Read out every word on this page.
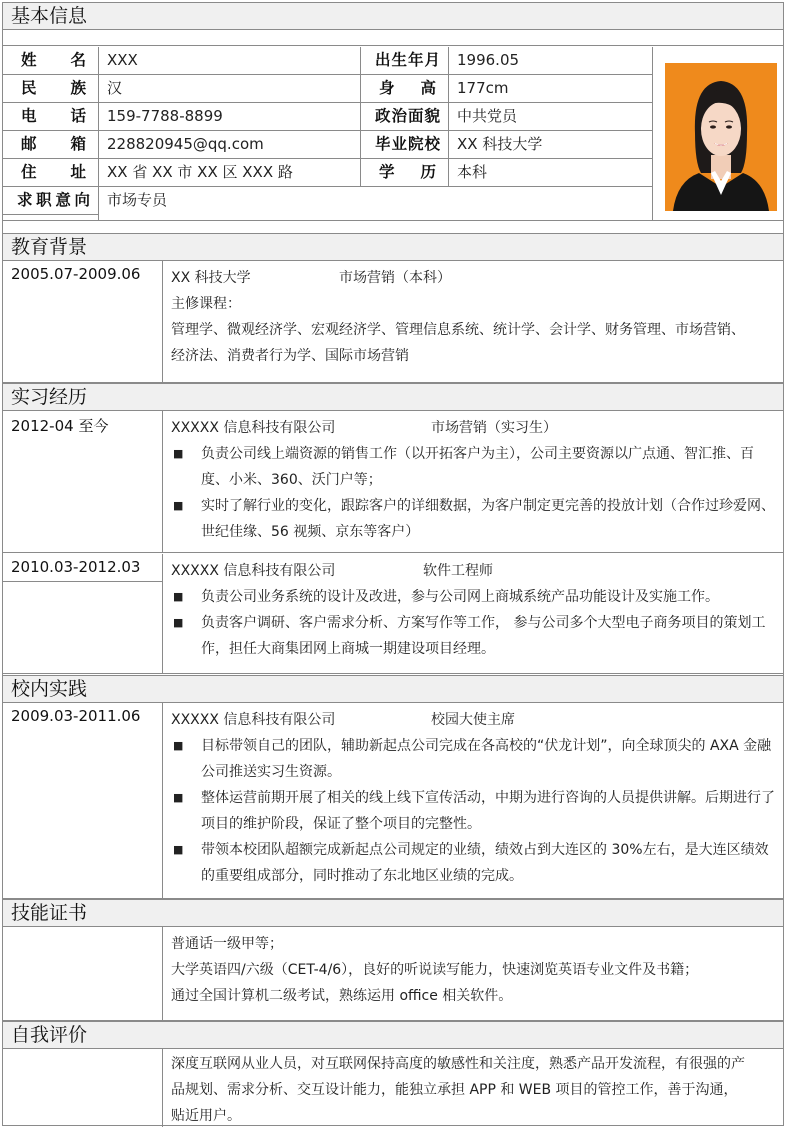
基本信息
姓 名	XXX	出生年月	1996.05
民 族	汉	身 高	177cm
电 话	159-7788-8899	政治面貌	中共党员
邮 箱	228820945@qq.com	毕业院校	XX 科技大学
住 址	XX 省 XX 市 XX 区 XXX 路	学 历	本科
求职意向	市场专员
教育背景
2005.07-2009.06	XX 科技大学	市场营销（本科）
主修课程：
管理学、微观经济学、宏观经济学、管理信息系统、统计学、会计学、财务管理、市场营销、
经济法、消费者行为学、国际市场营销
实习经历
2012-04 至今	XXXXX 信息科技有限公司	市场营销（实习生）
■	负责公司线上端资源的销售工作（以开拓客户为主），公司主要资源以广点通、智汇推、百度、小米、360、沃门户等；
■	实时了解行业的变化，跟踪客户的详细数据，为客户制定更完善的投放计划（合作过珍爱网、世纪佳缘、56 视频、京东等客户）
2010.03-2012.03	XXXXX 信息科技有限公司	软件工程师
■	负责公司业务系统的设计及改进，参与公司网上商城系统产品功能设计及实施工作。
■	负责客户调研、客户需求分析、方案写作等工作， 参与公司多个大型电子商务项目的策划工作，担任大商集团网上商城一期建设项目经理。
校内实践
2009.03-2011.06	XXXXX 信息科技有限公司	校园大使主席
■	目标带领自己的团队，辅助新起点公司完成在各高校的“伏龙计划”，向全球顶尖的 AXA 金融公司推送实习生资源。
■	整体运营前期开展了相关的线上线下宣传活动，中期为进行咨询的人员提供讲解。后期进行了项目的维护阶段，保证了整个项目的完整性。
■	带领本校团队超额完成新起点公司规定的业绩，绩效占到大连区的 30%左右，是大连区绩效的重要组成部分，同时推动了东北地区业绩的完成。
技能证书
普通话一级甲等；
大学英语四/六级（CET-4/6），良好的听说读写能力，快速浏览英语专业文件及书籍；
通过全国计算机二级考试，熟练运用 office 相关软件。
自我评价
深度互联网从业人员，对互联网保持高度的敏感性和关注度，熟悉产品开发流程，有很强的产
品规划、需求分析、交互设计能力，能独立承担 APP 和 WEB 项目的管控工作，善于沟通，
贴近用户。
